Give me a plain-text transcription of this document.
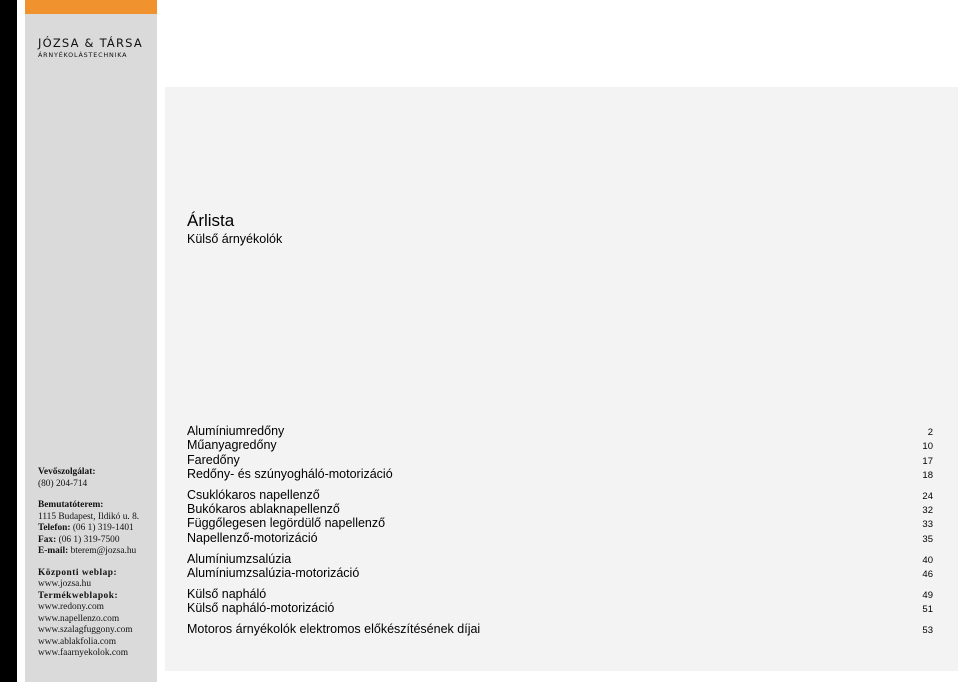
JÓZSA & TÁRSA
ÁRNYÉKOLÁSTECHNIKA
Vevőszolgálat:
(80) 204-714
Bemutatóterem:
1115 Budapest, Ildikó u. 8.
Telefon: (06 1) 319-1401
Fax: (06 1) 319-7500
E-mail: bterem@jozsa.hu
Központi weblap:
www.jozsa.hu
Termékweblapok:
www.redony.com
www.napellenzo.com
www.szalagfuggony.com
www.ablakfolia.com
www.faarnyekolok.com
Árlista
Külső árnyékolók
Alumíniumredőny	2
Műanyagredőny	10
Faredőny	17
Redőny- és szúnyogháló-motorizáció	18
Csuklókaros napellenző	24
Bukókaros ablaknapellenző	32
Függőlegesen legördülő napellenző	33
Napellenző-motorizáció	35
Alumíniumzsalúzia	40
Alumíniumzsalúzia-motorizáció	46
Külső napháló	49
Külső napháló-motorizáció	51
Motoros árnyékolók elektromos előkészítésének díjai	53
